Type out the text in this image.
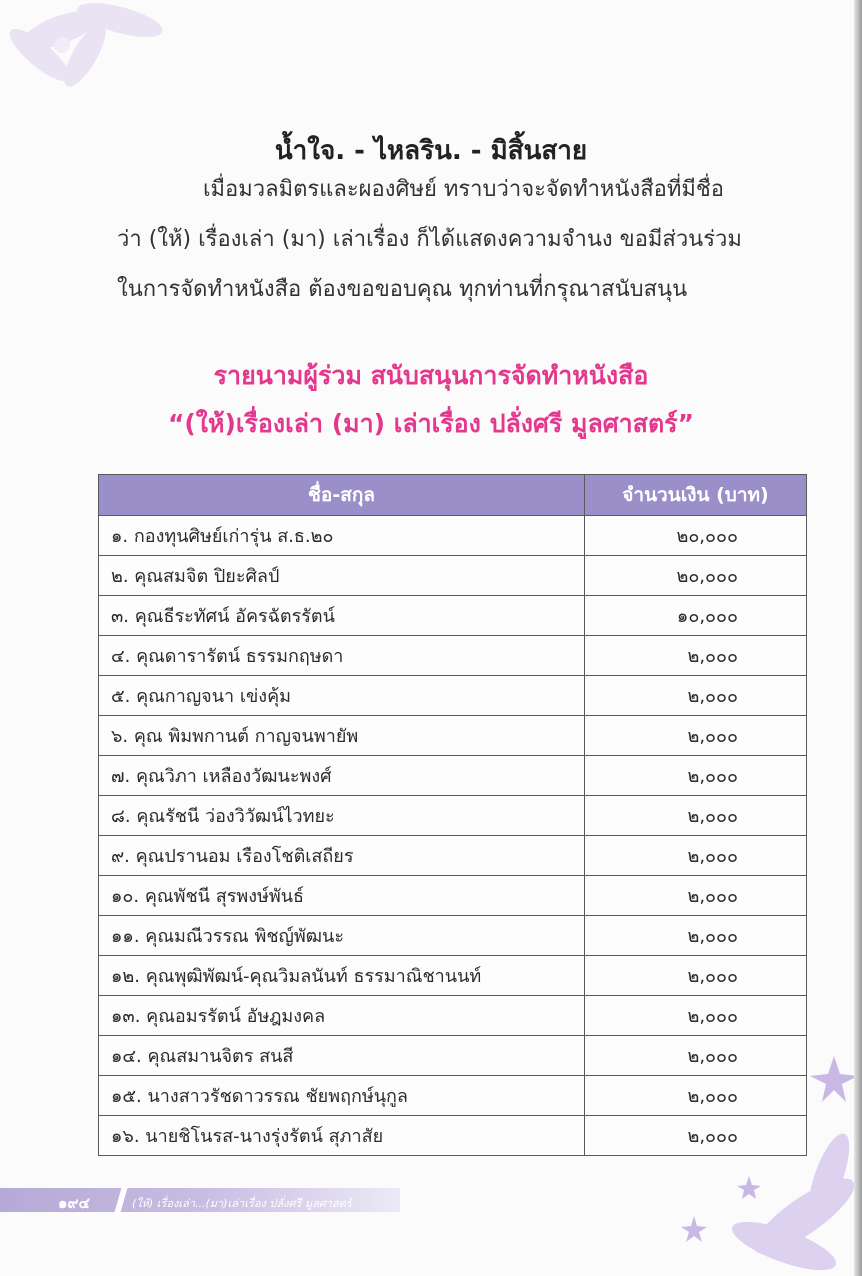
น้ำใจ. - ไหลริน. - มิสิ้นสาย
เมื่อมวลมิตรและผองศิษย์ ทราบว่าจะจัดทำหนังสือที่มีชื่อ
ว่า (ให้) เรื่องเล่า (มา) เล่าเรื่อง ก็ได้แสดงความจำนง ขอมีส่วนร่วม
ในการจัดทำหนังสือ ต้องขอขอบคุณ ทุกท่านที่กรุณาสนับสนุน
รายนามผู้ร่วม สนับสนุนการจัดทำหนังสือ
“(ให้)เรื่องเล่า (มา) เล่าเรื่อง ปลั่งศรี มูลศาสตร์”
ชื่อ-สกุล	จำนวนเงิน (บาท)
๑. กองทุนศิษย์เก่ารุ่น ส.ธ.๒๐	๒๐,๐๐๐
๒. คุณสมจิต ปิยะศิลป์	๒๐,๐๐๐
๓. คุณธีระทัศน์ อัครฉัตรรัตน์	๑๐,๐๐๐
๔. คุณดารารัตน์ ธรรมกฤษดา	๒,๐๐๐
๕. คุณกาญจนา เข่งคุ้ม	๒,๐๐๐
๖. คุณ พิมพกานต์ กาญจนพายัพ	๒,๐๐๐
๗. คุณวิภา เหลืองวัฒนะพงศ์	๒,๐๐๐
๘. คุณรัชนี ว่องวิวัฒน์ไวทยะ	๒,๐๐๐
๙. คุณปรานอม เรืองโชติเสถียร	๒,๐๐๐
๑๐. คุณพัชนี สุรพงษ์พันธ์	๒,๐๐๐
๑๑. คุณมณีวรรณ พิชญ์พัฒนะ	๒,๐๐๐
๑๒. คุณพุฒิพัฒน์-คุณวิมลนันท์ ธรรมาณิชานนท์	๒,๐๐๐
๑๓. คุณอมรรัตน์ อัษฎมงคล	๒,๐๐๐
๑๔. คุณสมานจิตร สนสี	๒,๐๐๐
๑๕. นางสาวรัชดาวรรณ ชัยพฤกษ์นุกูล	๒,๐๐๐
๑๖. นายชิโนรส-นางรุ่งรัตน์ สุภาสัย	๒,๐๐๐
๑๙๔	(ให้) เรื่องเล่า...(มา)เล่าเรื่อง ปลั่งศรี มูลศาสตร์
